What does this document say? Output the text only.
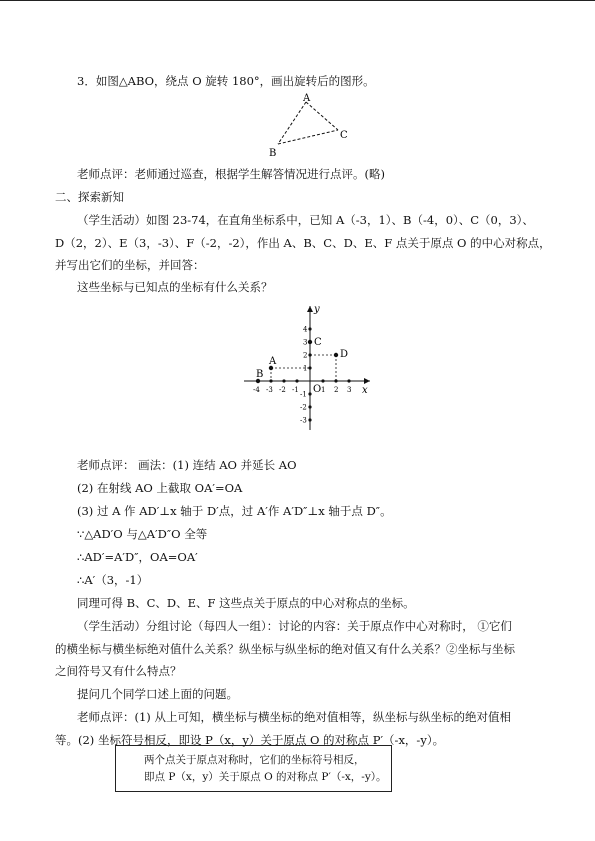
3．如图△ABO，绕点 O 旋转 180°，画出旋转后的图形。
A
B
C
老师点评：老师通过巡查，根据学生解答情况进行点评。(略)
二、探索新知
（学生活动）如图 23-74，在直角坐标系中，已知 A（-3，1）、B（-4，0）、C（0，3）、
D（2，2）、E（3，-3）、F（-2，-2），作出 A、B、C、D、E、F 点关于原点 O 的中心对称点，
并写出它们的坐标，并回答：
这些坐标与已知点的坐标有什么关系？
-4 -3 -2 -1	1 2 3
4
3
2
1
-1
-2
-3
A
B
C
D
x
y
O
老师点评： 画法：(1) 连结 AO 并延长 AO
(2) 在射线 AO 上截取 OA′=OA
(3) 过 A 作 AD′⊥x 轴于 D′点，过 A′作 A′D″⊥x 轴于点 D″。
∵△AD′O 与△A′D″O 全等
∴AD′=A′D″，OA=OA′
∴A′（3，-1）
同理可得 B、C、D、E、F 这些点关于原点的中心对称点的坐标。
（学生活动）分组讨论（每四人一组）：讨论的内容：关于原点作中心对称时， ①它们
的横坐标与横坐标绝对值什么关系？纵坐标与纵坐标的绝对值又有什么关系？②坐标与坐标
之间符号又有什么特点？
提问几个同学口述上面的问题。
老师点评：(1) 从上可知，横坐标与横坐标的绝对值相等，纵坐标与纵坐标的绝对值相
等。(2) 坐标符号相反，即设 P（x，y）关于原点 O 的对称点 P′（-x，-y）。
两个点关于原点对称时，它们的坐标符号相反，
即点 P（x，y）关于原点 O 的对称点 P′（-x，-y）。
